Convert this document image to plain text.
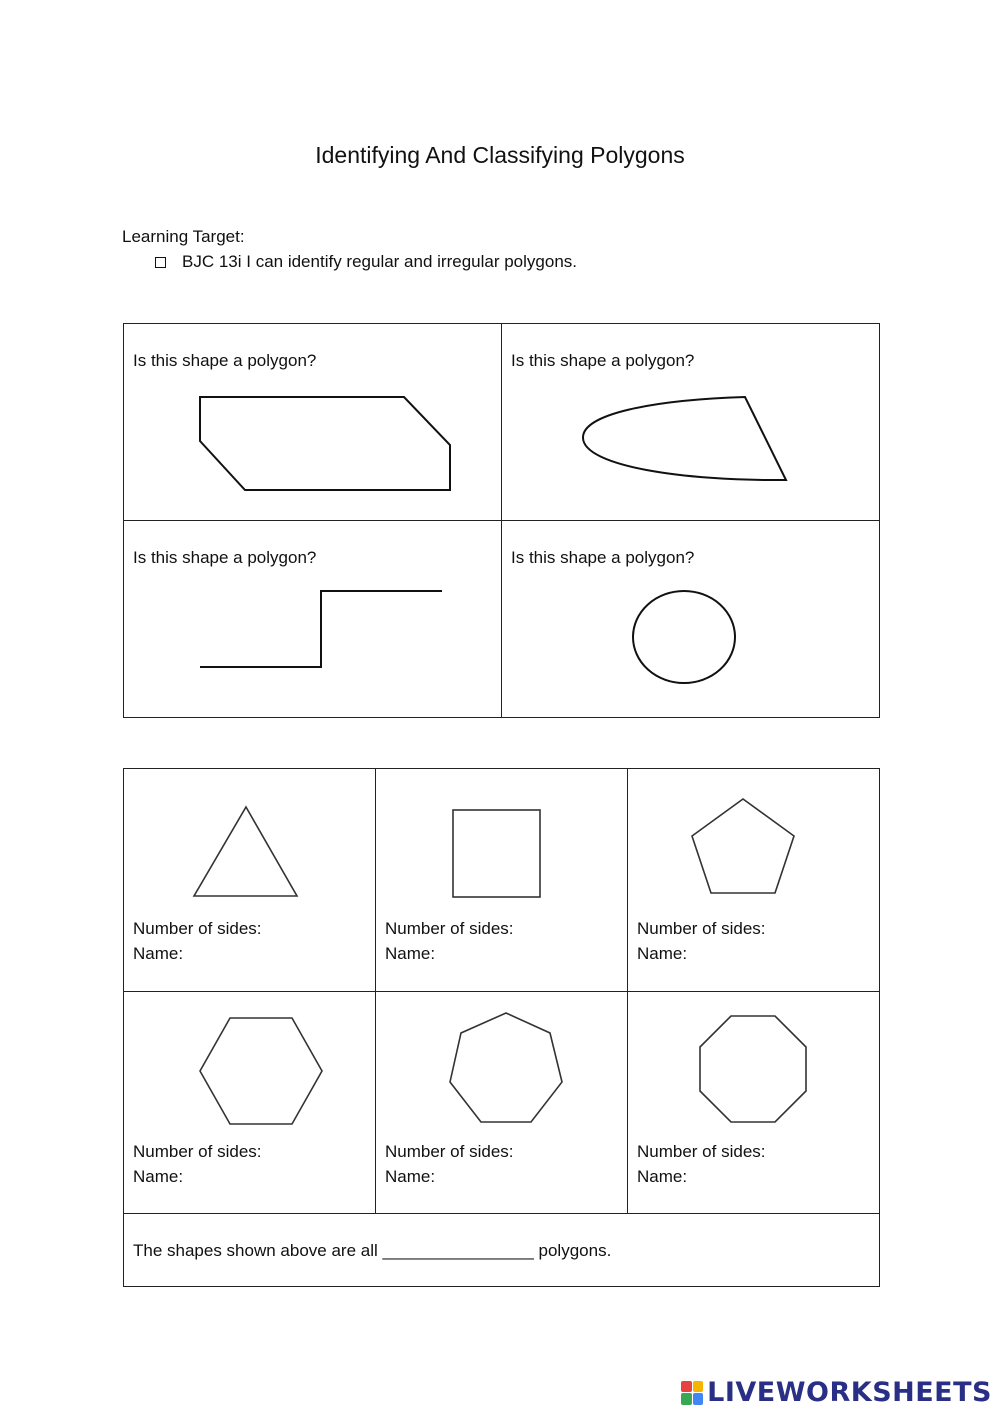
Identifying And Classifying Polygons
Learning Target:
BJC 13i I can identify regular and irregular polygons.
Is this shape a polygon?	Is this shape a polygon?
Is this shape a polygon?	Is this shape a polygon?
Number of sides:
Name:
Number of sides:
Name:
Number of sides:
Name:
Number of sides:
Name:
Number of sides:
Name:
Number of sides:
Name:
The shapes shown above are all ________________ polygons.
LIVEWORKSHEETS
